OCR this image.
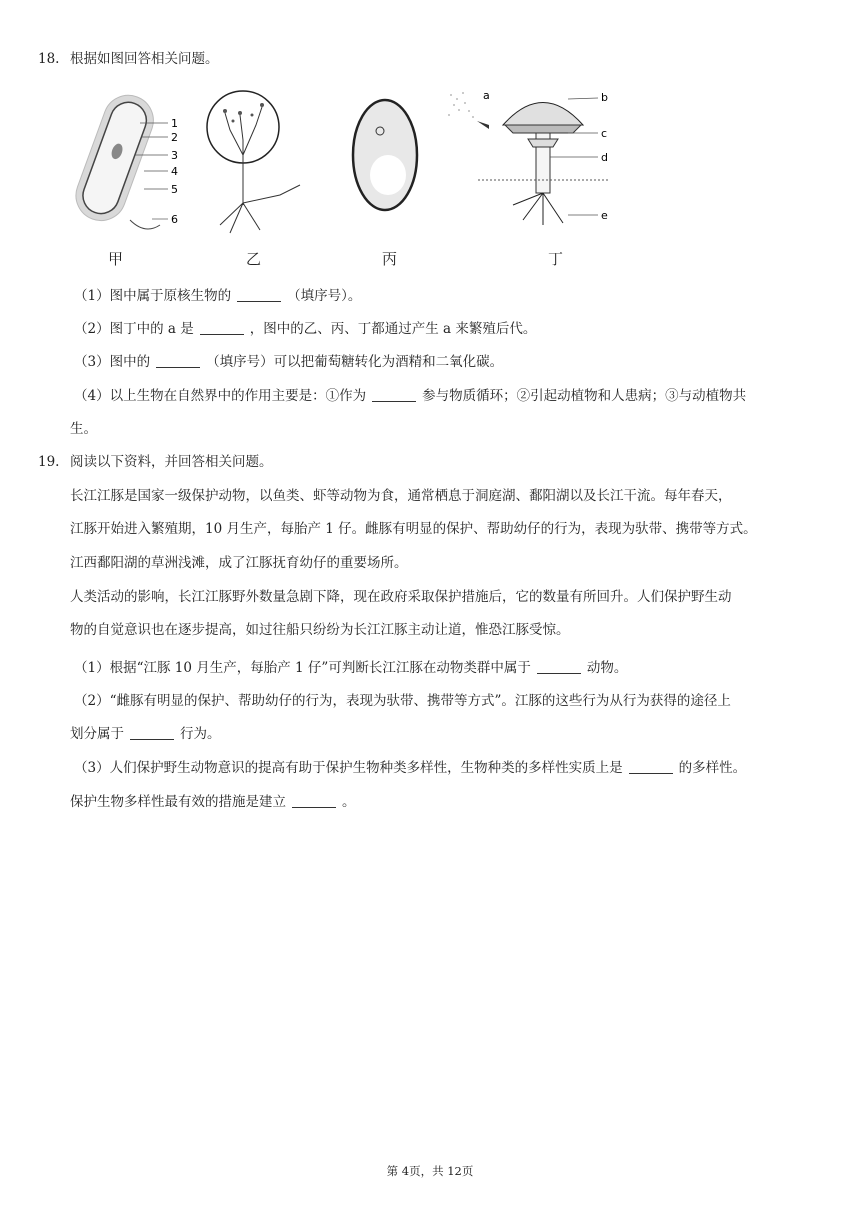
18. 根据如图回答相关问题。
1
2
3
4
5
6
a	b
c
d
e
甲	乙	丙	丁
（1）图中属于原核生物的	（填序号）。
（2）图丁中的 a 是	，图中的乙、丙、丁都通过产生 a 来繁殖后代。
（3）图中的	（填序号）可以把葡萄糖转化为酒精和二氧化碳。
（4）以上生物在自然界中的作用主要是：①作为	参与物质循环；②引起动植物和人患病；③与动植物共
生。
19. 阅读以下资料，并回答相关问题。
长江江豚是国家一级保护动物，以鱼类、虾等动物为食，通常栖息于洞庭湖、鄱阳湖以及长江干流。每年春天，
江豚开始进入繁殖期，10 月生产，每胎产 1 仔。雌豚有明显的保护、帮助幼仔的行为，表现为驮带、携带等方式。
江西鄱阳湖的草洲浅滩，成了江豚抚育幼仔的重要场所。
人类活动的影响，长江江豚野外数量急剧下降，现在政府采取保护措施后，它的数量有所回升。人们保护野生动
物的自觉意识也在逐步提高，如过往船只纷纷为长江江豚主动让道，惟恐江豚受惊。
（1）根据“江豚 10 月生产，每胎产 1 仔”可判断长江江豚在动物类群中属于	动物。
（2）“雌豚有明显的保护、帮助幼仔的行为，表现为驮带、携带等方式”。江豚的这些行为从行为获得的途径上
划分属于	行为。
（3）人们保护野生动物意识的提高有助于保护生物种类多样性，生物种类的多样性实质上是	的多样性。
保护生物多样性最有效的措施是建立	。
第 4页，共 12页
